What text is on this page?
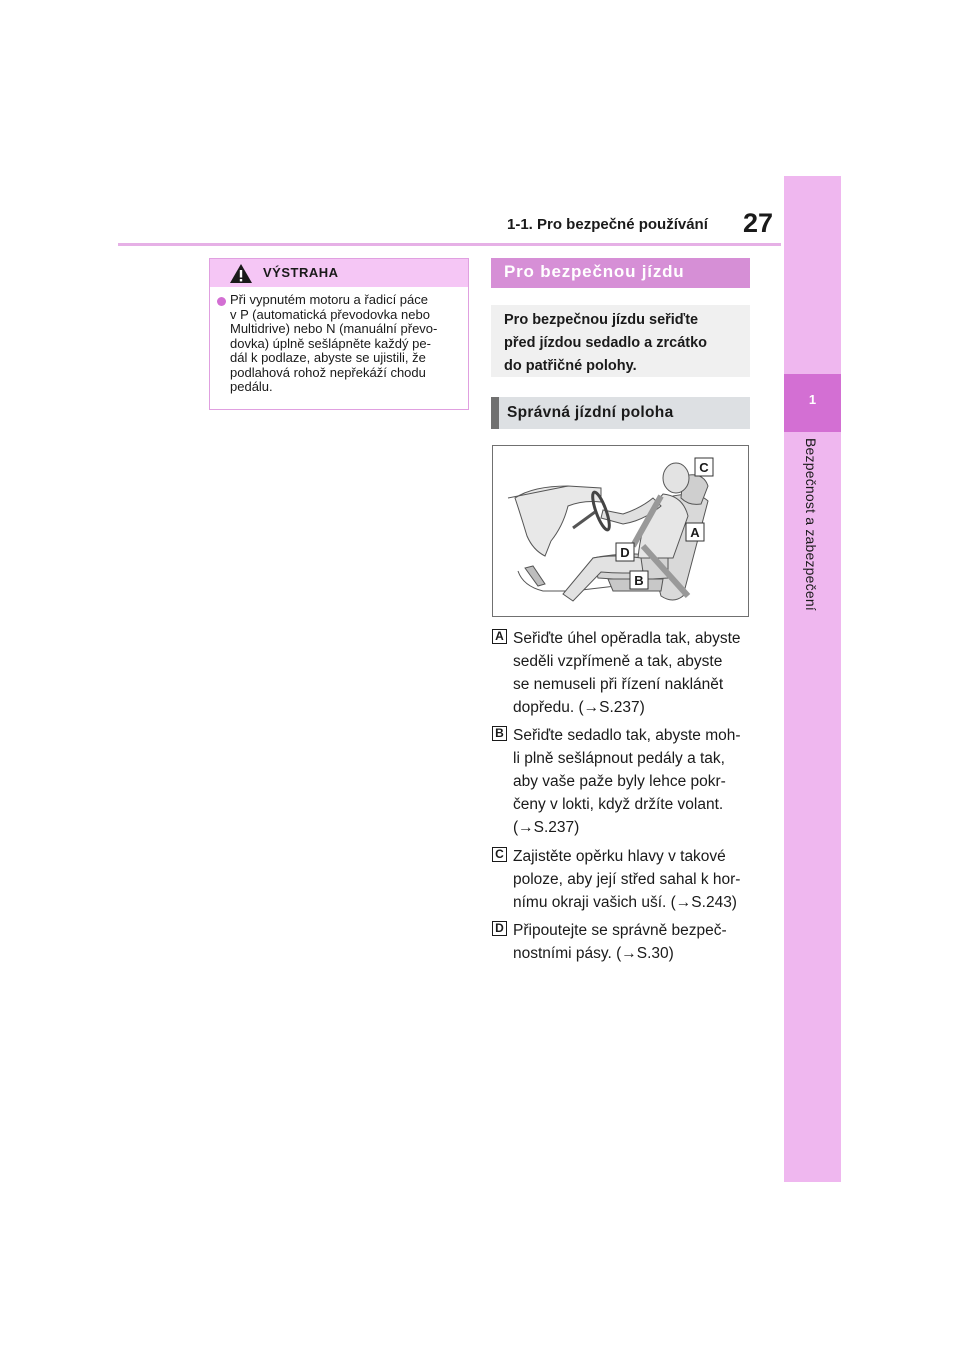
1-1. Pro bezpečné používání 27
1
Bezpečnost a zabezpečení
VÝSTRAHA
Při vypnutém motoru a řadicí páce
v P (automatická převodovka nebo
Multidrive) nebo N (manuální převo-
dovka) úplně sešlápněte každý pe-
dál k podlaze, abyste se ujistili, že
podlahová rohož nepřekáží chodu
pedálu.
Pro bezpečnou jízdu
Pro bezpečnou jízdu seřiďte
před jízdou sedadlo a zrcátko
do patřičné polohy.
Správná jízdní poloha
C
A
D
B
A Seřiďte úhel opěradla tak, abyste
seděli vzpřímeně a tak, abyste
se nemuseli při řízení naklánět
dopředu. (→S.237)
B Seřiďte sedadlo tak, abyste moh-
li plně sešlápnout pedály a tak,
aby vaše paže byly lehce pokr-
čeny v lokti, když držíte volant.
(→S.237)
C Zajistěte opěrku hlavy v takové
poloze, aby její střed sahal k hor-
nímu okraji vašich uší. (→S.243)
D Připoutejte se správně bezpeč-
nostními pásy. (→S.30)
